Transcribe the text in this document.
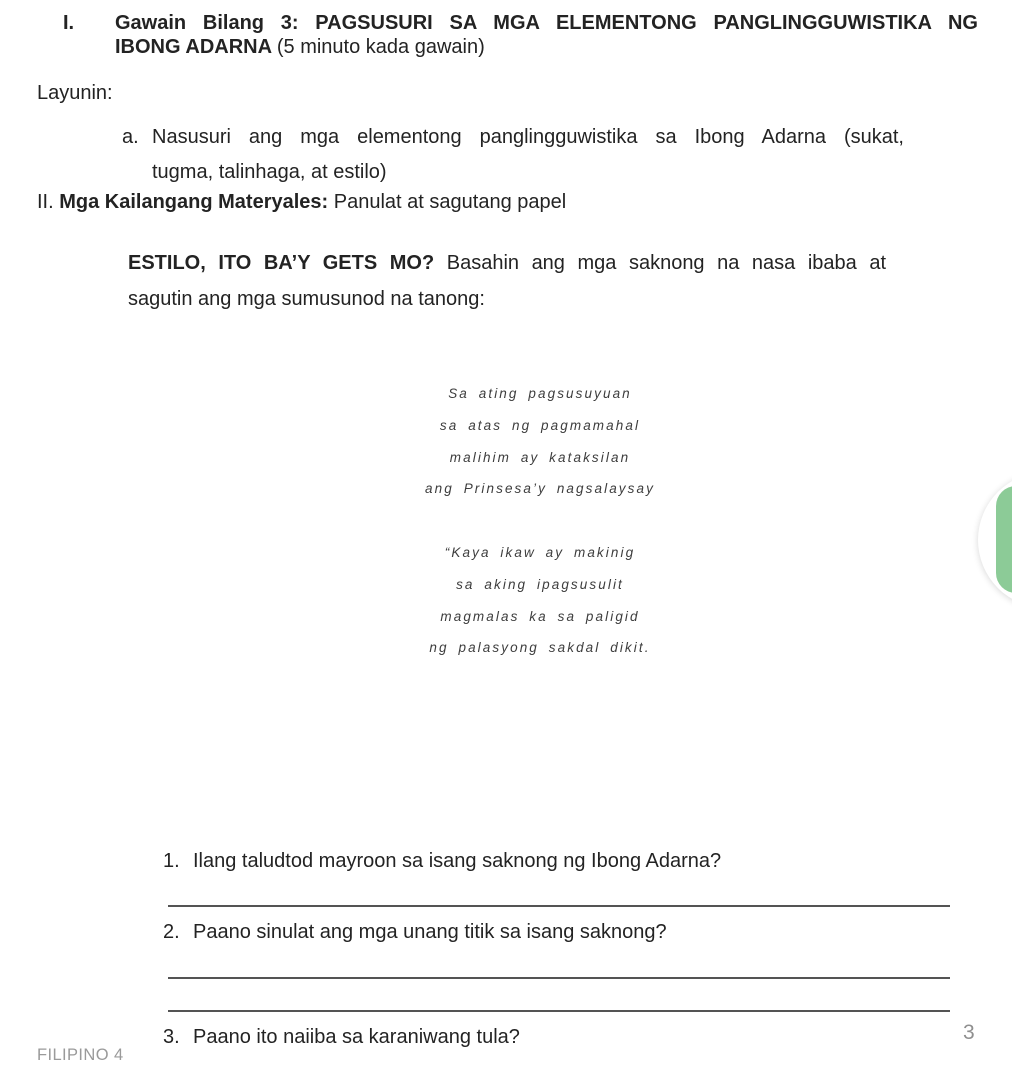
I.	Gawain Bilang 3: PAGSUSURI SA MGA ELEMENTONG PANGLINGGUWISTIKA NG
IBONG ADARNA (5 minuto kada gawain)
Layunin:
a. Nasusuri ang mga elementong panglingguwistika sa Ibong Adarna (sukat,
tugma, talinhaga, at estilo)
II. Mga Kailangang Materyales: Panulat at sagutang papel
ESTILO, ITO BA’Y GETS MO? Basahin ang mga saknong na nasa ibaba at
sagutin ang mga sumusunod na tanong:
Sa ating pagsusuyuan
sa atas ng pagmamahal
malihim ay kataksilan
ang Prinsesa’y nagsalaysay
“Kaya ikaw ay makinig
sa aking ipagsusulit
magmalas ka sa paligid
ng palasyong sakdal dikit.
1. Ilang taludtod mayroon sa isang saknong ng Ibong Adarna?
2. Paano sinulat ang mga unang titik sa isang saknong?
3. Paano ito naiiba sa karaniwang tula?	3
FILIPINO 4
